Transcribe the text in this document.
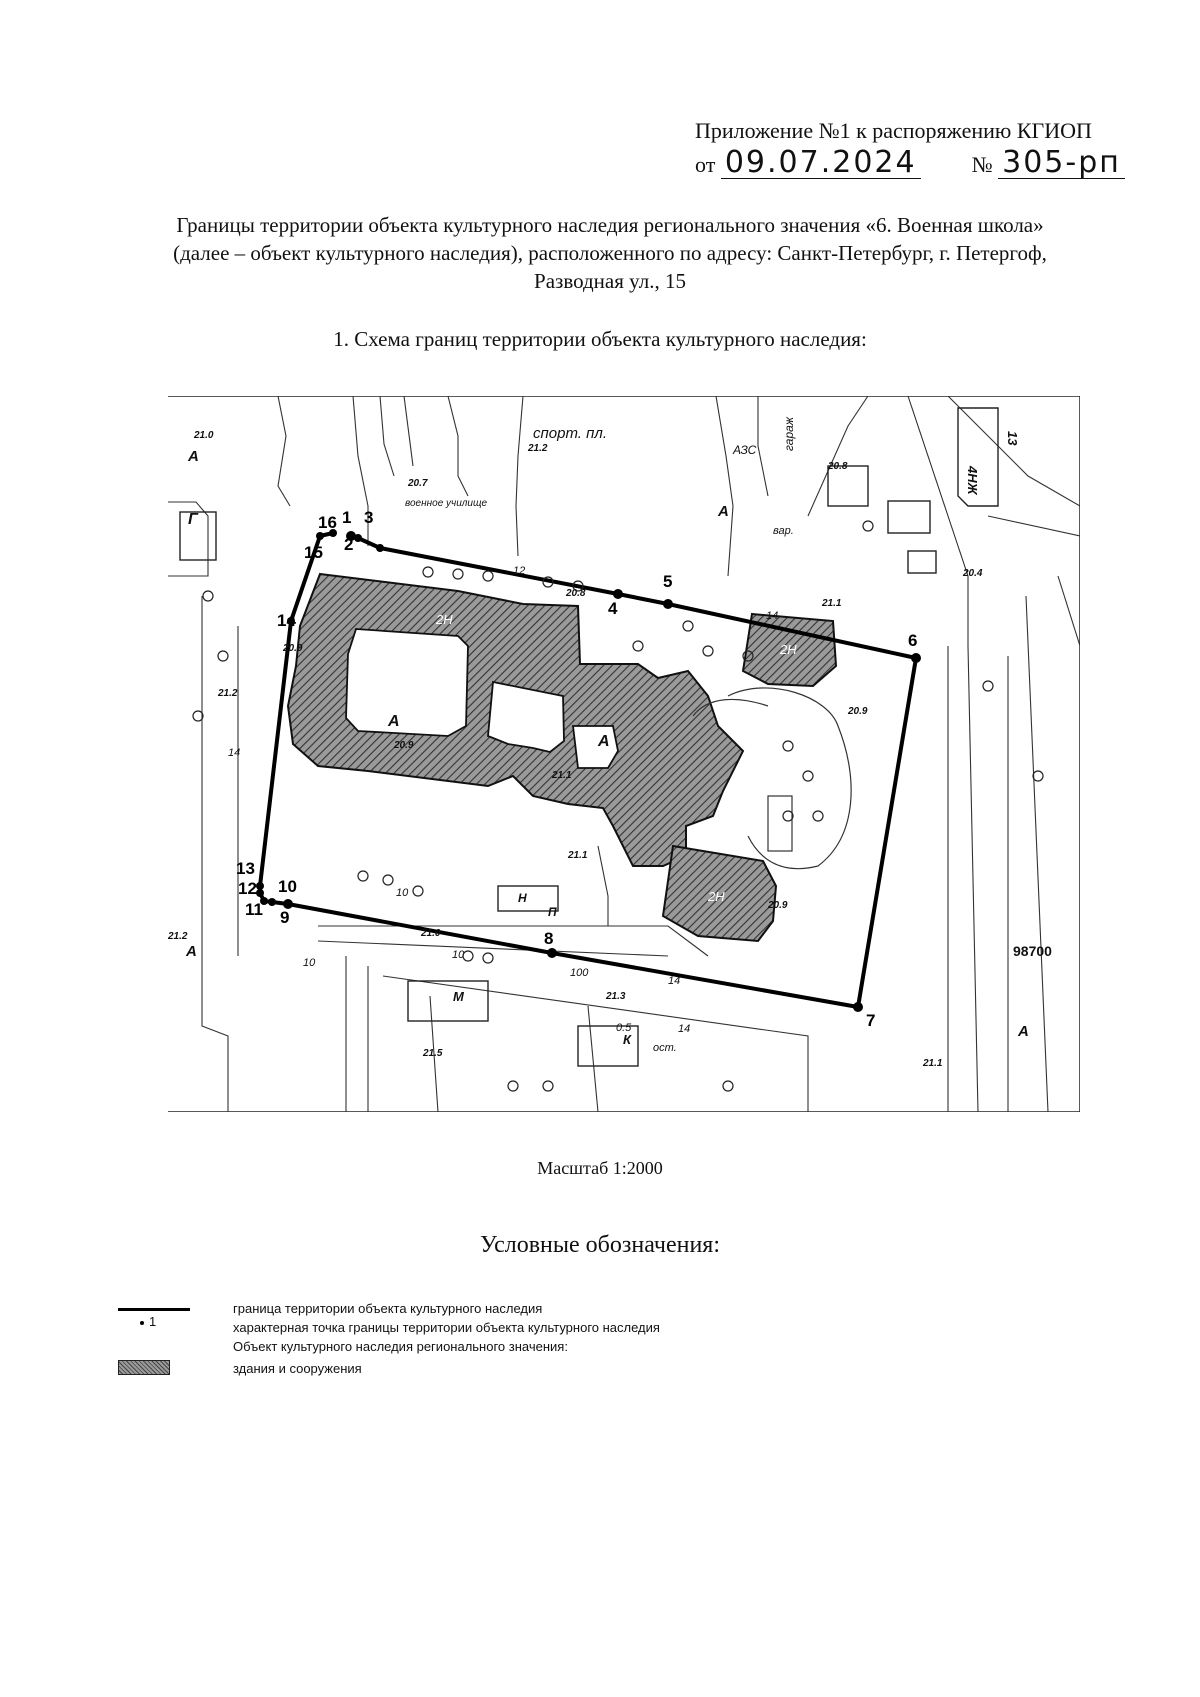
Приложение №1 к распоряжению КГИОП
от 09.07.2024	№ 305-рп
Границы территории объекта культурного наследия регионального значения «6. Военная школа»
(далее – объект культурного наследия), расположенного по адресу: Санкт-Петербург, г. Петергоф,
Разводная ул., 15
1. Схема границ территории объекта культурного наследия:
1
2
3
4
5
6
7
8
9
10
11
12
13
14
15
16
спорт. пл.
АЗС гараж
военное училище
4НЖ
13
А
А
А
А
А
А
Г
К
М
Н
П
вар.
ост.
2Н
2Н
2Н
98700
21.0
21.2
20.7
20.8
21.1
20.9
20.9
21.1
20.4
21.2
21.0
21.1
20.9
21.3
21.5
21.1
21.2
20.8
20.9
12
14
10
10
14
10
14
0.5
100
14
Масштаб 1:2000
Условные обозначения:
1
граница территории объекта культурного наследия
характерная точка границы территории объекта культурного наследия
Объект культурного наследия регионального значения:
здания и сооружения
